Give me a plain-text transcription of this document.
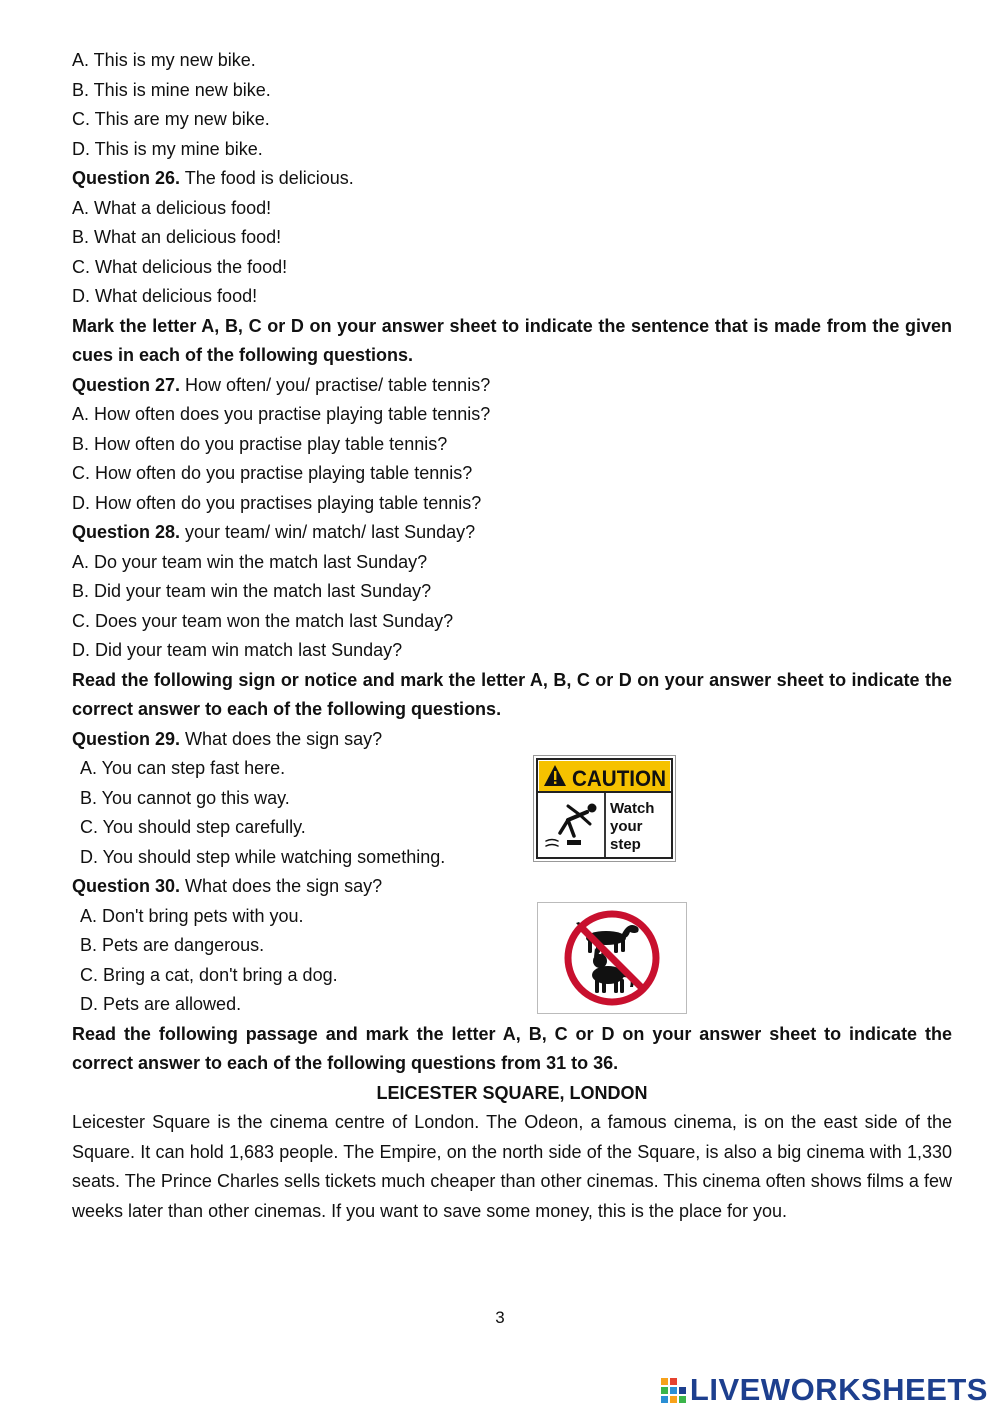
A. This is my new bike.
B. This is mine new bike.
C. This are my new bike.
D. This is my mine bike.
Question 26. The food is delicious.
A. What a delicious food!
B. What an delicious food!
C. What delicious the food!
D. What delicious food!
Mark the letter A, B, C or D on your answer sheet to indicate the sentence that is made from the given cues in each of the following questions.
Question 27. How often/ you/ practise/ table tennis?
A. How often does you practise playing table tennis?
B. How often do you practise play table tennis?
C. How often do you practise playing table tennis?
D. How often do you practises playing table tennis?
Question 28. your team/ win/ match/ last Sunday?
A. Do your team win the match last Sunday?
B. Did your team win the match last Sunday?
C. Does your team won the match last Sunday?
D. Did your team win match last Sunday?
Read the following sign or notice and mark the letter A, B, C or D on your answer sheet to indicate the correct answer to each of the following questions.
Question 29. What does the sign say?
A. You can step fast here.
B. You cannot go this way.
C. You should step carefully.
D. You should step while watching something.
Question 30. What does the sign say?
A. Don't bring pets with you.
B. Pets are dangerous.
C. Bring a cat, don't bring a dog.
D. Pets are allowed.
Read the following passage and mark the letter A, B, C or D on your answer sheet to indicate the correct answer to each of the following questions from 31 to 36.
LEICESTER SQUARE, LONDON
Leicester Square is the cinema centre of London. The Odeon, a famous cinema, is on the east side of the Square. It can hold 1,683 people. The Empire, on the north side of the Square, is also a big cinema with 1,330 seats. The Prince Charles sells tickets much cheaper than other cinemas. This cinema often shows films a few weeks later than other cinemas. If you want to save some money, this is the place for you.
CAUTION
Watch
your
step
3
LIVEWORKSHEETS
